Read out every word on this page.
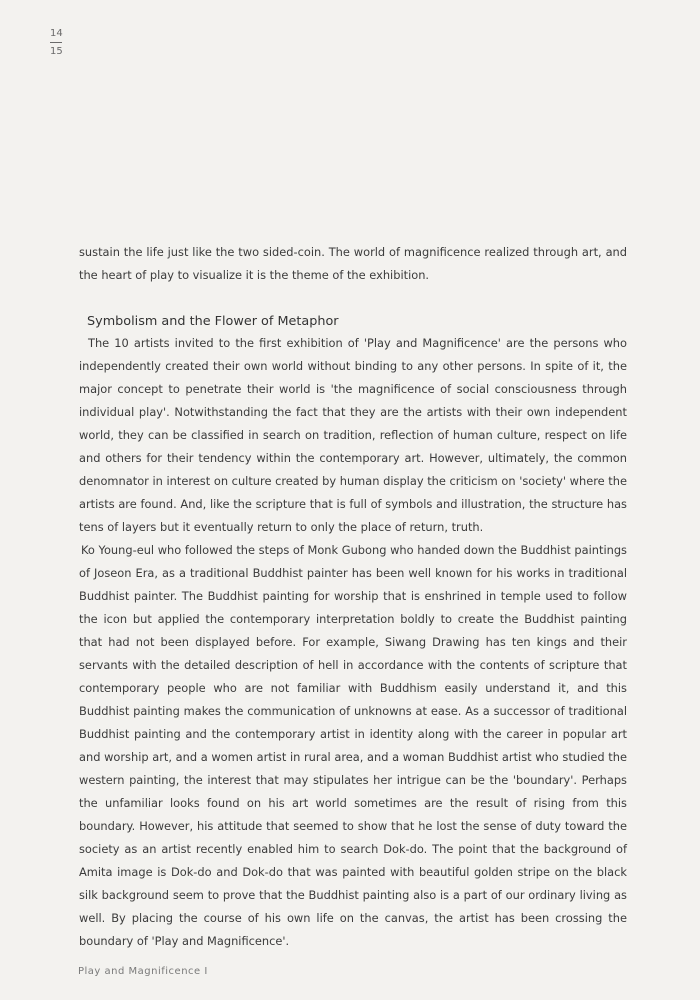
14
15

sustain the life just like the two sided-coin. The world of magnificence realized through art, and the heart of play to visualize it is the theme of the exhibition.

Symbolism and the Flower of Metaphor

The 10 artists invited to the first exhibition of 'Play and Magnificence' are the persons who independently created their own world without binding to any other persons. In spite of it, the major concept to penetrate their world is 'the magnificence of social consciousness through individual play'. Notwithstanding the fact that they are the artists with their own independent world, they can be classified in search on tradition, reflection of human culture, respect on life and others for their tendency within the contemporary art. However, ultimately, the common denomnator in interest on culture created by human display the criticism on 'society' where the artists are found. And, like the scripture that is full of symbols and illustration, the structure has tens of layers but it eventually return to only the place of return, truth.

Ko Young-eul who followed the steps of Monk Gubong who handed down the Buddhist paintings of Joseon Era, as a traditional Buddhist painter has been well known for his works in traditional Buddhist painter. The Buddhist painting for worship that is enshrined in temple used to follow the icon but applied the contemporary interpretation boldly to create the Buddhist painting that had not been displayed before. For example, Siwang Drawing has ten kings and their servants with the detailed description of hell in accordance with the contents of scripture that contemporary people who are not familiar with Buddhism easily understand it, and this Buddhist painting makes the communication of unknowns at ease. As a successor of traditional Buddhist painting and the contemporary artist in identity along with the career in popular art and worship art, and a women artist in rural area, and a woman Buddhist artist who studied the western painting, the interest that may stipulates her intrigue can be the 'boundary'. Perhaps the unfamiliar looks found on his art world sometimes are the result of rising from this boundary. However, his attitude that seemed to show that he lost the sense of duty toward the society as an artist recently enabled him to search Dok-do. The point that the background of Amita image is Dok-do and Dok-do that was painted with beautiful golden stripe on the black silk background seem to prove that the Buddhist painting also is a part of our ordinary living as well. By placing the course of his own life on the canvas, the artist has been crossing the boundary of 'Play and Magnificence'.

Play and Magnificence I
